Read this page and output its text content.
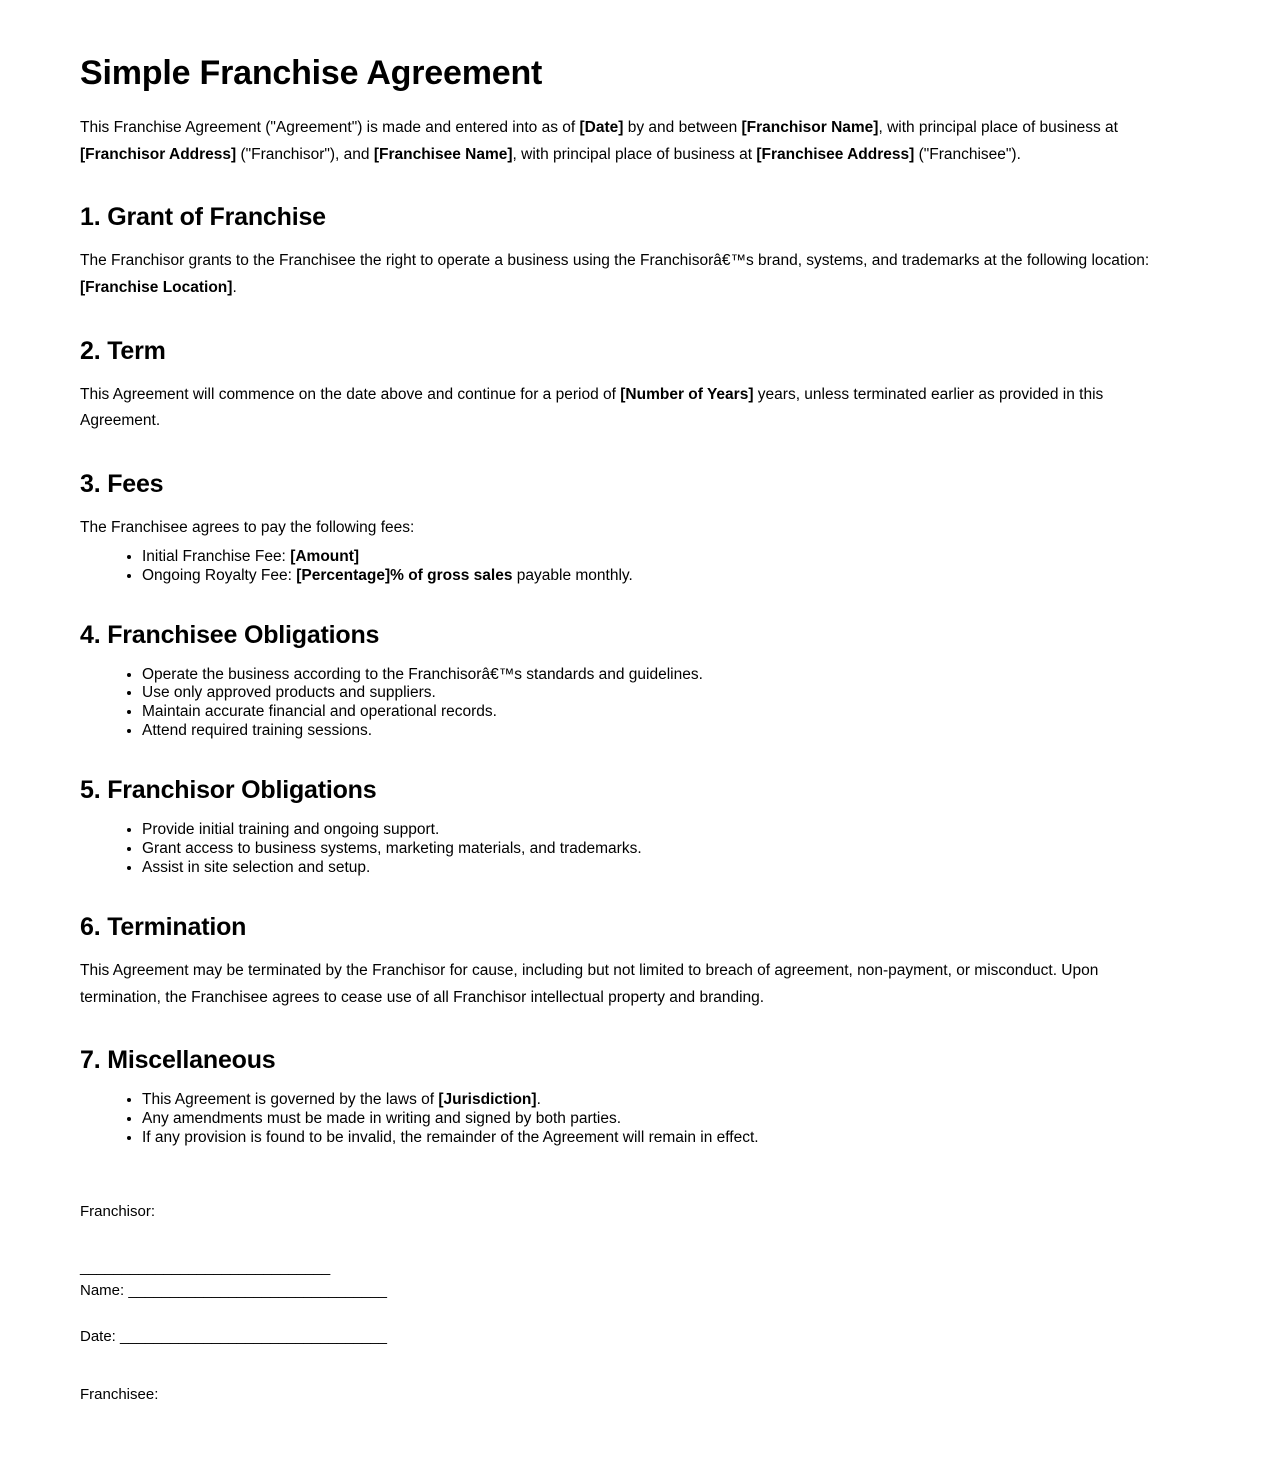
Simple Franchise Agreement

This Franchise Agreement ("Agreement") is made and entered into as of [Date] by and between [Franchisor Name], with principal place of business at [Franchisor Address] ("Franchisor"), and [Franchisee Name], with principal place of business at [Franchisee Address] ("Franchisee").

1. Grant of Franchise

The Franchisor grants to the Franchisee the right to operate a business using the Franchisorâ€™s brand, systems, and trademarks at the following location: [Franchise Location].

2. Term

This Agreement will commence on the date above and continue for a period of [Number of Years] years, unless terminated earlier as provided in this Agreement.

3. Fees

The Franchisee agrees to pay the following fees:

• Initial Franchise Fee: [Amount]
• Ongoing Royalty Fee: [Percentage]% of gross sales payable monthly.
4. Franchisee Obligations
• Operate the business according to the Franchisorâ€™s standards and guidelines.
• Use only approved products and suppliers.
• Maintain accurate financial and operational records.
• Attend required training sessions.
5. Franchisor Obligations
• Provide initial training and ongoing support.
• Grant access to business systems, marketing materials, and trademarks.
• Assist in site selection and setup.
6. Termination

This Agreement may be terminated by the Franchisor for cause, including but not limited to breach of agreement, non-payment, or misconduct. Upon termination, the Franchisee agrees to cease use of all Franchisor intellectual property and branding.

7. Miscellaneous
• This Agreement is governed by the laws of [Jurisdiction].
• Any amendments must be made in writing and signed by both parties.
• If any provision is found to be invalid, the remainder of the Agreement will remain in effect.

Franchisor:

______________________________

Name: _______________________________

Date: ________________________________

Franchisee:
